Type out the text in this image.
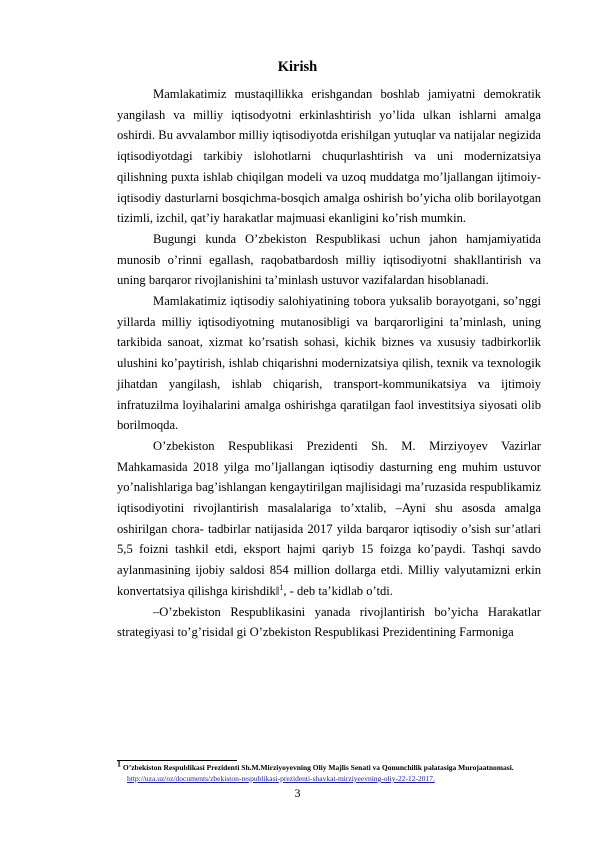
Kirish

Mamlakatimiz mustaqillikka erishgandan boshlab jamiyatni demokratik yangilash va milliy iqtisodyotni erkinlashtirish yo’lida ulkan ishlarni amalga oshirdi. Bu avvalambor milliy iqtisodiyotda erishilgan yutuqlar va natijalar negizida iqtisodiyotdagi tarkibiy islohotlarni chuqurlashtirish va uni modernizatsiya qilishning puxta ishlab chiqilgan modeli va uzoq muddatga mo’ljallangan ijtimoiy-iqtisodiy dasturlarni bosqichma-bosqich amalga oshirish bo’yicha olib borilayotgan tizimli, izchil, qat’iy harakatlar majmuasi ekanligini ko’rish mumkin.

Bugungi kunda O’zbekiston Respublikasi uchun jahon hamjamiyatida munosib o’rinni egallash, raqobatbardosh milliy iqtisodiyotni shakllantirish va uning barqaror rivojlanishini ta’minlash ustuvor vazifalardan hisoblanadi.

Mamlakatimiz iqtisodiy salohiyatining tobora yuksalib borayotgani, so’nggi yillarda milliy iqtisodiyotning mutanosibligi va barqarorligini ta’minlash, uning tarkibida sanoat, xizmat ko’rsatish sohasi, kichik biznes va xususiy tadbirkorlik ulushini ko’paytirish, ishlab chiqarishni modernizatsiya qilish, texnik va texnologik jihatdan yangilash, ishlab chiqarish, transport-kommunikatsiya va ijtimoiy infratuzilma loyihalarini amalga oshirishga qaratilgan faol investitsiya siyosati olib borilmoqda.

O’zbekiston Respublikasi Prezidenti Sh. M. Mirziyoyev Vazirlar Mahkamasida 2018 yilga mo’ljallangan iqtisodiy dasturning eng muhim ustuvor yo’nalishlariga bag’ishlangan kengaytirilgan majlisidagi ma’ruzasida respublikamiz iqtisodiyotini rivojlantirish masalalariga to’xtalib, ‒Ayni shu asosda amalga oshirilgan chora- tadbirlar natijasida 2017 yilda barqaror iqtisodiy o’sish sur’atlari 5,5 foizni tashkil etdi, eksport hajmi qariyb 15 foizga ko’paydi. Tashqi savdo aylanmasining ijobiy saldosi 854 million dollarga etdi. Milliy valyutamizni erkin konvertatsiya qilishga kirishdik‖$^1$, - deb ta’kidlab o’tdi.

‒O’zbekiston Respublikasini yanada rivojlantirish bo’yicha Harakatlar strategiyasi to’g’risida‖ gi O’zbekiston Respublikasi Prezidentining Farmoniga

1 O’zbekiston Respublikasi Prezidenti Sh.M.Mirziyoyevning Oliy Majlis Senati va Qonunchilik palatasiga Murojaatnomasi. http://uza.uz/oz/documents/zbekiston-respublikasi-prezidenti-shavkat-mirziyeevning-oliy-22-12-2017.
3
